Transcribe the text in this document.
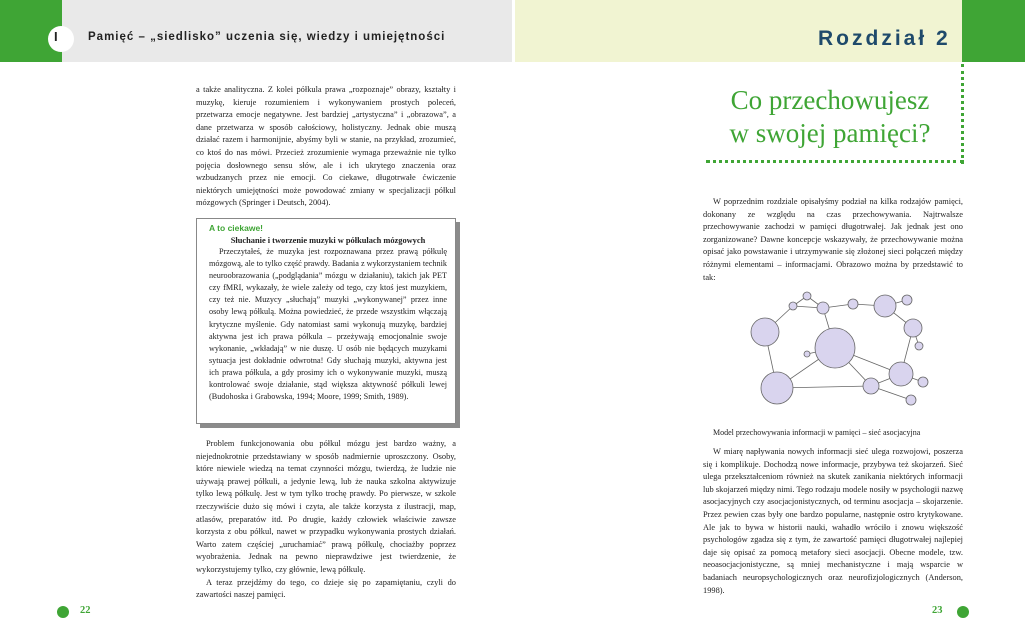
I	Pamięć – „siedlisko” uczenia się, wiedzy i umiejętności	Rozdział 2

a także analityczna. Z kolei półkula prawa „rozpoznaje” obrazy, kształty i muzykę, kieruje rozumieniem i wykonywaniem prostych poleceń, przetwarza emocje negatywne. Jest bardziej „artystyczna” i „obrazowa”, a dane przetwarza w sposób całościowy, holistyczny. Jednak obie muszą działać razem i harmonijnie, abyśmy byli w stanie, na przykład, zrozumieć, co ktoś do nas mówi. Przecież zrozumienie wymaga przeważnie nie tylko pojęcia dosłownego sensu słów, ale i ich ukrytego znaczenia oraz wzbudzanych przez nie emocji. Co ciekawe, długotrwałe ćwiczenie niektórych umiejętności może powodować zmiany w specjalizacji półkul mózgowych (Springer i Deutsch, 2004).

A to ciekawe!
Słuchanie i tworzenie muzyki w półkulach mózgowych
Przeczytałeś, że muzyka jest rozpoznawana przez prawą półkulę mózgową, ale to tylko część prawdy. Badania z wykorzystaniem technik neuroobrazowania („podglądania” mózgu w działaniu), takich jak PET czy fMRI, wykazały, że wiele zależy od tego, czy ktoś jest muzykiem, czy też nie. Muzycy „słuchają” muzyki „wykonywanej” przez inne osoby lewą półkulą. Można powiedzieć, że przede wszystkim włączają krytyczne myślenie. Gdy natomiast sami wykonują muzykę, bardziej aktywna jest ich prawa półkula – przeżywają emocjonalnie swoje wykonanie, „wkładają” w nie duszę. U osób nie będących muzykami sytuacja jest dokładnie odwrotna! Gdy słuchają muzyki, aktywna jest ich prawa półkula, a gdy prosimy ich o wykonywanie muzyki, muszą kontrolować swoje działanie, stąd większa aktywność półkuli lewej (Budohoska i Grabowska, 1994; Moore, 1999; Smith, 1989).

Problem funkcjonowania obu półkul mózgu jest bardzo ważny, a niejednokrotnie przedstawiany w sposób nadmiernie uproszczony. Osoby, które niewiele wiedzą na temat czynności mózgu, twierdzą, że ludzie nie używają prawej półkuli, a jedynie lewą, lub że nauka szkolna aktywizuje tylko lewą półkulę. Jest w tym tylko trochę prawdy. Po pierwsze, w szkole rzeczywiście dużo się mówi i czyta, ale także korzysta z ilustracji, map, atlasów, preparatów itd. Po drugie, każdy człowiek właściwie zawsze korzysta z obu półkul, nawet w przypadku wykonywania prostych działań. Warto zatem częściej „uruchamiać” prawą półkulę, chociażby poprzez wyobrażenia. Jednak na pewno nieprawdziwe jest twierdzenie, że wykorzystujemy tylko, czy głównie, lewą półkulę.

A teraz przejdźmy do tego, co dzieje się po zapamiętaniu, czyli do zawartości naszej pamięci.

Co przechowujesz
w swojej pamięci?

W poprzednim rozdziale opisałyśmy podział na kilka rodzajów pamięci, dokonany ze względu na czas przechowywania. Najtrwalsze przechowywanie zachodzi w pamięci długotrwałej. Jak jednak jest ono zorganizowane? Dawne koncepcje wskazywały, że przechowywanie można opisać jako powstawanie i utrzymywanie się złożonej sieci połączeń między różnymi elementami – informacjami. Obrazowo można by przedstawić to tak:

Model przechowywania informacji w pamięci – sieć asocjacyjna

W miarę napływania nowych informacji sieć ulega rozwojowi, poszerza się i komplikuje. Dochodzą nowe informacje, przybywa też skojarzeń. Sieć ulega przekształceniom również na skutek zanikania niektórych informacji lub skojarzeń między nimi. Tego rodzaju modele nosiły w psychologii nazwę asocjacyjnych czy asocjacjonistycznych, od terminu asocjacja – skojarzenie. Przez pewien czas były one bardzo popularne, następnie ostro krytykowane. Ale jak to bywa w historii nauki, wahadło wróciło i znowu większość psychologów zgadza się z tym, że zawartość pamięci długotrwałej najlepiej daje się opisać za pomocą metafory sieci asocjacji. Obecne modele, tzw. neoasocjacjonistyczne, są mniej mechanistyczne i mają wsparcie w badaniach neuropsychologicznych oraz neurofizjologicznych (Anderson, 1998).

22	23
